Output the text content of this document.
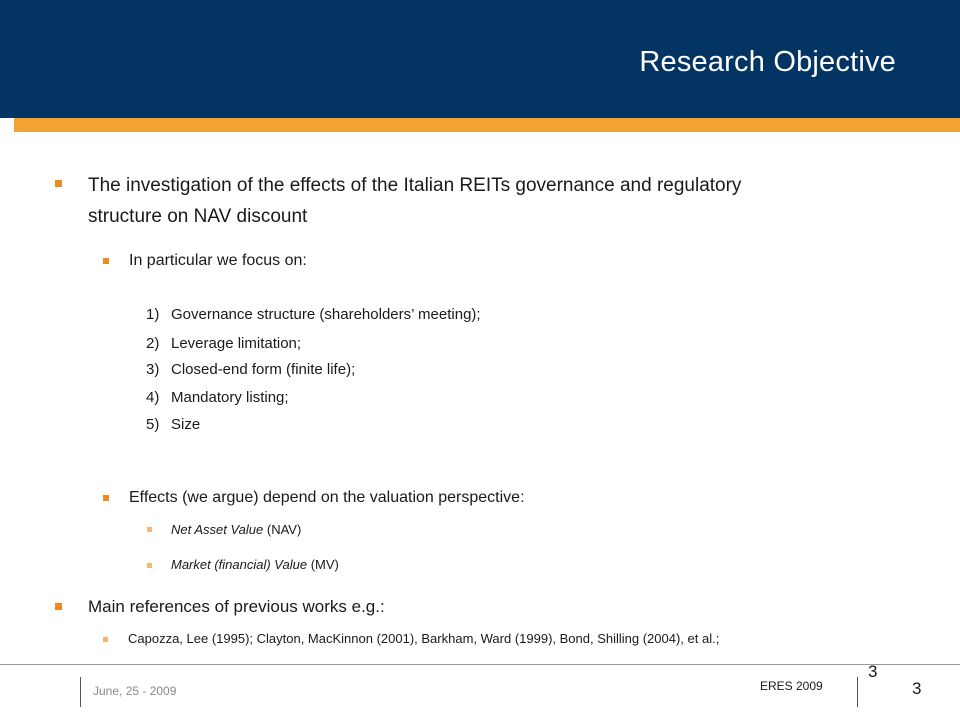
Research Objective
The investigation of the effects of the Italian REITs governance and regulatory
structure on NAV discount
In particular we focus on:
1) Governance structure (shareholders’ meeting);
2) Leverage limitation;
3) Closed-end form (finite life);
4) Mandatory listing;
5) Size
Effects (we argue) depend on the valuation perspective:
Net Asset Value (NAV)
Market (financial) Value (MV)
Main references of previous works e.g.:
Capozza, Lee (1995); Clayton, MacKinnon (2001), Barkham, Ward (1999), Bond, Shilling (2004), et al.;
June, 25 - 2009	ERES 2009
3
3
